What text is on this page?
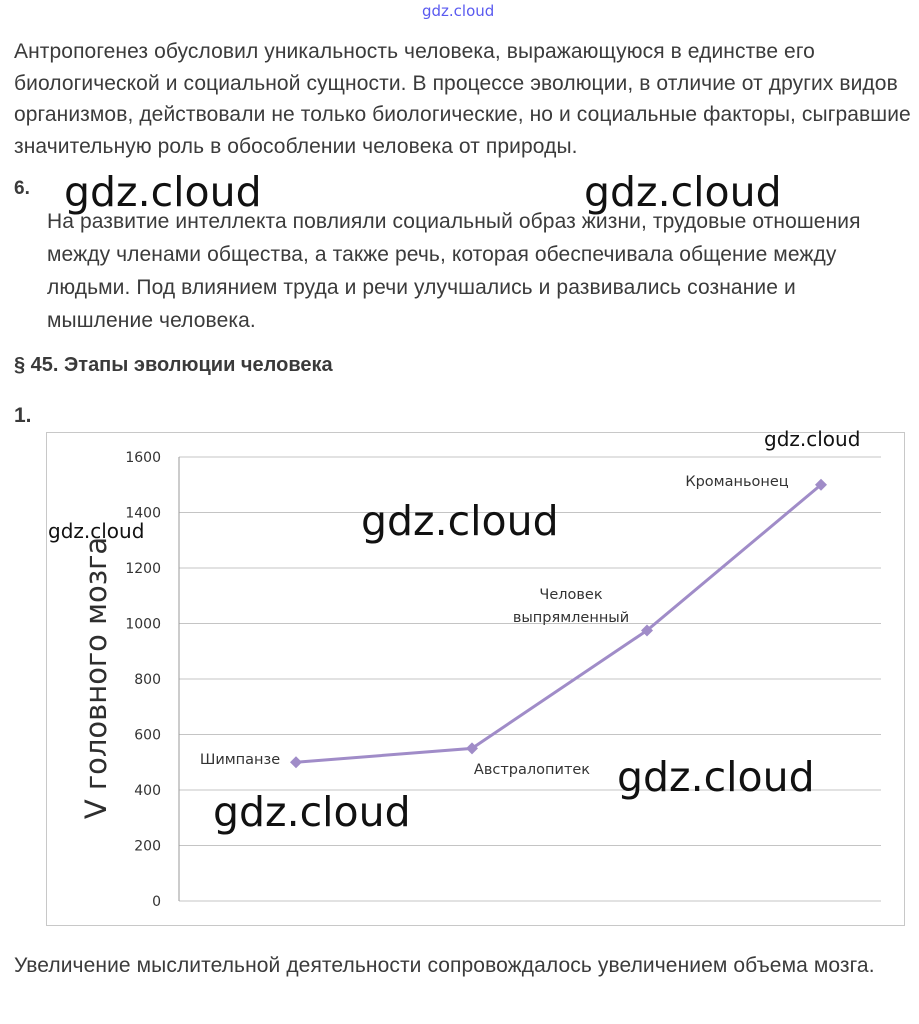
gdz.cloud
Антропогенез обусловил уникальность человека, выражающуюся в единстве его биологической и социальной сущности. В процессе эволюции, в отличие от других видов организмов, действовали не только биологические, но и социальные факторы, сыгравшие значительную роль в обособлении человека от природы.
6.
На развитие интеллекта повлияли социальный образ жизни, трудовые отношения между членами общества, а также речь, которая обеспечивала общение между людьми. Под влиянием труда и речи улучшались и развивались сознание и мышление человека.
§ 45. Этапы эволюции человека
1.
0
200
400
600
800
1000
1200
1400
1600
V головного мозга	Шимпанзе
Австралопитек
Человек
выпрямленный
Кроманьонец
gdz.cloud	gdz.cloud
gdz.cloud
gdz.cloud	gdz.cloud
gdz.cloud
gdz.cloud
Увеличение мыслительной деятельности сопровождалось увеличением объема мозга.
